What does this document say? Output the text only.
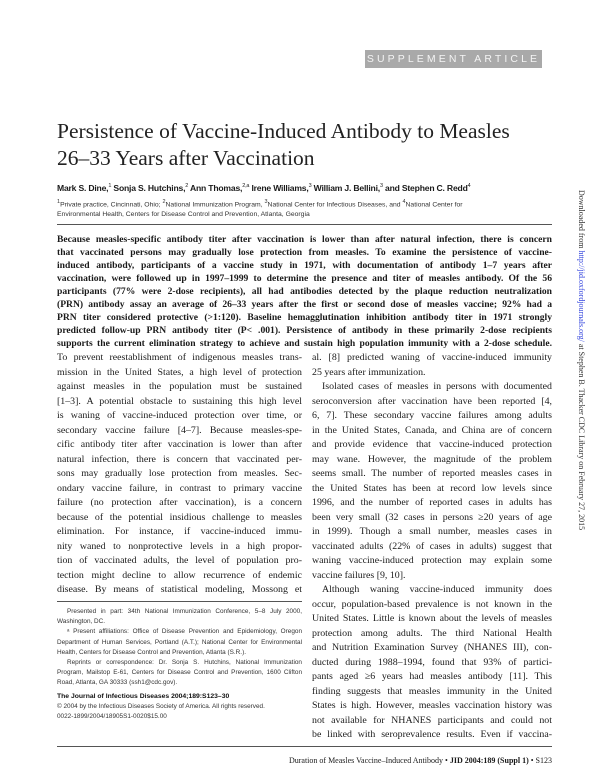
SUPPLEMENT ARTICLE
Persistence of Vaccine-Induced Antibody to Measles
26–33 Years after Vaccination
Mark S. Dine,$^1$ Sonja S. Hutchins,$^2$ Ann Thomas,$^{2,a}$ Irene Williams,$^3$ William J. Bellini,$^3$ and Stephen C. Redd$^4$
$^1$Private practice, Cincinnati, Ohio; $^2$National Immunization Program, $^3$National Center for Infectious Diseases, and $^4$National Center for Environmental Health, Centers for Disease Control and Prevention, Atlanta, Georgia
Because measles-specific antibody titer after vaccination is lower than after natural infection, there is concern
that vaccinated persons may gradually lose protection from measles. To examine the persistence of vaccine-
induced antibody, participants of a vaccine study in 1971, with documentation of antibody 1–7 years after
vaccination, were followed up in 1997–1999 to determine the presence and titer of measles antibody. Of the 56
participants (77% were 2-dose recipients), all had antibodies detected by the plaque reduction neutralization
(PRN) antibody assay an average of 26–33 years after the first or second dose of measles vaccine; 92% had a
PRN titer considered protective (>1:120). Baseline hemagglutination inhibition antibody titer in 1971 strongly
predicted follow-up PRN antibody titer (P< .001). Persistence of antibody in these primarily 2-dose recipients
supports the current elimination strategy to achieve and sustain high population immunity with a 2-dose schedule.
To prevent reestablishment of indigenous measles trans-
mission in the United States, a high level of protection
against measles in the population must be sustained
[1–3]. A potential obstacle to sustaining this high level
is waning of vaccine-induced protection over time, or
secondary vaccine failure [4–7]. Because measles-spe-
cific antibody titer after vaccination is lower than after
natural infection, there is concern that vaccinated per-
sons may gradually lose protection from measles. Sec-
ondary vaccine failure, in contrast to primary vaccine
failure (no protection after vaccination), is a concern
because of the potential insidious challenge to measles
elimination. For instance, if vaccine-induced immu-
nity waned to nonprotective levels in a high propor-
tion of vaccinated adults, the level of population pro-
tection might decline to allow recurrence of endemic
disease. By means of statistical modeling, Mossong et
al. [8] predicted waning of vaccine-induced immunity
25 years after immunization.
Isolated cases of measles in persons with documented
seroconversion after vaccination have been reported [4,
6, 7]. These secondary vaccine failures among adults
in the United States, Canada, and China are of concern
and provide evidence that vaccine-induced protection
may wane. However, the magnitude of the problem
seems small. The number of reported measles cases in
the United States has been at record low levels since
1996, and the number of reported cases in adults has
been very small (32 cases in persons ≥20 years of age
in 1999). Though a small number, measles cases in
vaccinated adults (22% of cases in adults) suggest that
waning vaccine-induced protection may explain some
vaccine failures [9, 10].
Although waning vaccine-induced immunity does
occur, population-based prevalence is not known in the
United States. Little is known about the levels of measles
protection among adults. The third National Health
and Nutrition Examination Survey (NHANES III), con-
ducted during 1988–1994, found that 93% of partici-
pants aged ≥6 years had measles antibody [11]. This
finding suggests that measles immunity in the United
States is high. However, measles vaccination history was
not available for NHANES participants and could not
be linked with seroprevalence results. Even if vaccina-
Presented in part: 34th National Immunization Conference, 5–8 July 2000,
Washington, DC.
ᵃ Present affiliations: Office of Disease Prevention and Epidemiology, Oregon
Department of Human Services, Portland (A.T.); National Center for Environmental
Health, Centers for Disease Control and Prevention, Atlanta (S.R.).
Reprints or correspondence: Dr. Sonja S. Hutchins, National Immunization
Program, Mailstop E-61, Centers for Disease Control and Prevention, 1600 Clifton
Road, Atlanta, GA 30333 (ssh1@cdc.gov).
The Journal of Infectious Diseases 2004;189:S123–30
© 2004 by the Infectious Diseases Society of America. All rights reserved.
0022-1899/2004/18905S1-0020$15.00
Duration of Measles Vaccine–Induced Antibody • JID 2004:189 (Suppl 1) • S123
Downloaded from http://jid.oxfordjournals.org/ at Stephen B. Thacker CDC Library on February 27, 2015
